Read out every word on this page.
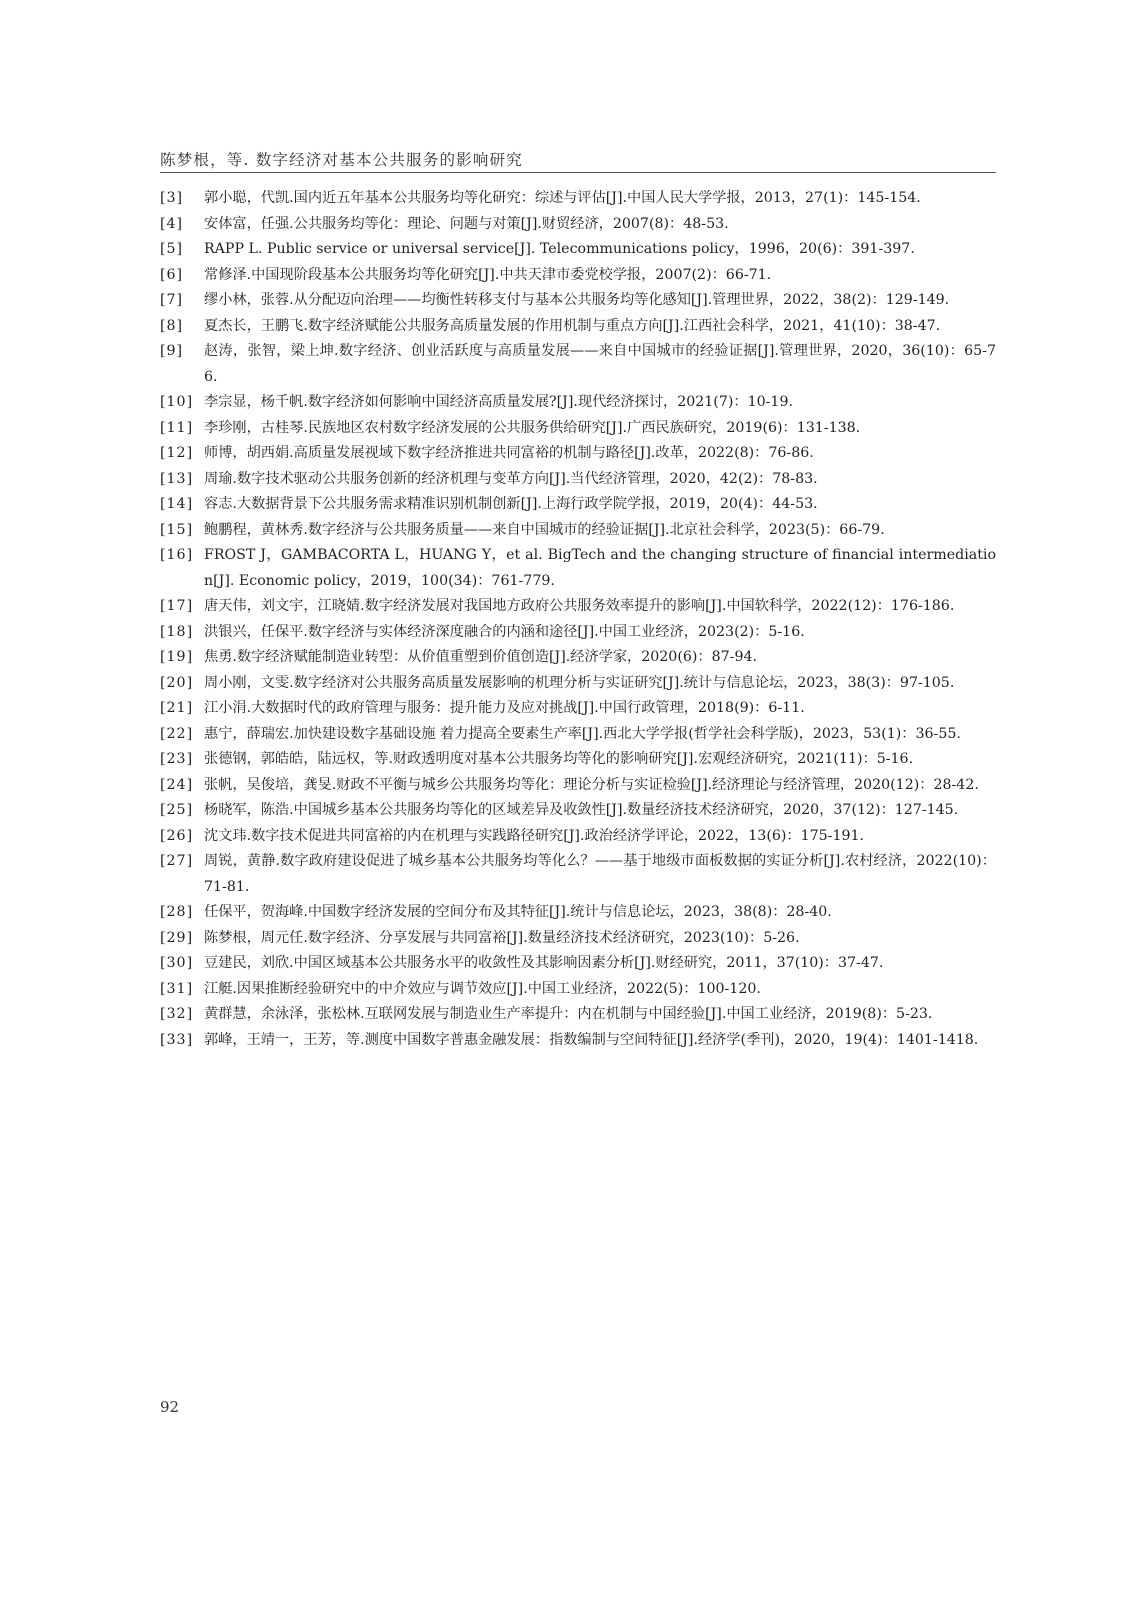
陈梦根，等. 数字经济对基本公共服务的影响研究
[3]	郭小聪，代凯.国内近五年基本公共服务均等化研究：综述与评估[J].中国人民大学学报，2013，27(1)：145-154.
[4]	安体富，任强.公共服务均等化：理论、问题与对策[J].财贸经济，2007(8)：48-53.
[5]	RAPP L. Public service or universal service[J]. Telecommunications policy，1996，20(6)：391-397.
[6]	常修泽.中国现阶段基本公共服务均等化研究[J].中共天津市委党校学报，2007(2)：66-71.
[7]	缪小林，张蓉.从分配迈向治理——均衡性转移支付与基本公共服务均等化感知[J].管理世界，2022，38(2)：129-149.
[8]	夏杰长，王鹏飞.数字经济赋能公共服务高质量发展的作用机制与重点方向[J].江西社会科学，2021，41(10)：38-47.
[9]	赵涛，张智，梁上坤.数字经济、创业活跃度与高质量发展——来自中国城市的经验证据[J].管理世界，2020，36(10)：65-76.
[10] 李宗显，杨千帆.数字经济如何影响中国经济高质量发展?[J].现代经济探讨，2021(7)：10-19.
[11] 李珍刚，古桂琴.民族地区农村数字经济发展的公共服务供给研究[J].广西民族研究，2019(6)：131-138.
[12] 师博，胡西娟.高质量发展视域下数字经济推进共同富裕的机制与路径[J].改革，2022(8)：76-86.
[13] 周瑜.数字技术驱动公共服务创新的经济机理与变革方向[J].当代经济管理，2020，42(2)：78-83.
[14] 容志.大数据背景下公共服务需求精准识别机制创新[J].上海行政学院学报，2019，20(4)：44-53.
[15] 鲍鹏程，黄林秀.数字经济与公共服务质量——来自中国城市的经验证据[J].北京社会科学，2023(5)：66-79.
[16] FROST J，GAMBACORTA L，HUANG Y，et al. BigTech and the changing structure of financial intermediation[J]. Economic policy，2019，100(34)：761-779.
[17] 唐天伟，刘文宇，江晓婧.数字经济发展对我国地方政府公共服务效率提升的影响[J].中国软科学，2022(12)：176-186.
[18] 洪银兴，任保平.数字经济与实体经济深度融合的内涵和途径[J].中国工业经济，2023(2)：5-16.
[19] 焦勇.数字经济赋能制造业转型：从价值重塑到价值创造[J].经济学家，2020(6)：87-94.
[20] 周小刚，文雯.数字经济对公共服务高质量发展影响的机理分析与实证研究[J].统计与信息论坛，2023，38(3)：97-105.
[21] 江小涓.大数据时代的政府管理与服务：提升能力及应对挑战[J].中国行政管理，2018(9)：6-11.
[22] 惠宁，薛瑞宏.加快建设数字基础设施 着力提高全要素生产率[J].西北大学学报(哲学社会科学版)，2023，53(1)：36-55.
[23] 张德钢，郭皓皓，陆远权，等.财政透明度对基本公共服务均等化的影响研究[J].宏观经济研究，2021(11)：5-16.
[24] 张帆，吴俊培，龚旻.财政不平衡与城乡公共服务均等化：理论分析与实证检验[J].经济理论与经济管理，2020(12)：28-42.
[25] 杨晓军，陈浩.中国城乡基本公共服务均等化的区域差异及收敛性[J].数量经济技术经济研究，2020，37(12)：127-145.
[26] 沈文玮.数字技术促进共同富裕的内在机理与实践路径研究[J].政治经济学评论，2022，13(6)：175-191.
[27] 周锐，黄静.数字政府建设促进了城乡基本公共服务均等化么？——基于地级市面板数据的实证分析[J].农村经济，2022(10)：71-81.
[28] 任保平，贺海峰.中国数字经济发展的空间分布及其特征[J].统计与信息论坛，2023，38(8)：28-40.
[29] 陈梦根，周元任.数字经济、分享发展与共同富裕[J].数量经济技术经济研究，2023(10)：5-26.
[30] 豆建民，刘欣.中国区域基本公共服务水平的收敛性及其影响因素分析[J].财经研究，2011，37(10)：37-47.
[31] 江艇.因果推断经验研究中的中介效应与调节效应[J].中国工业经济，2022(5)：100-120.
[32] 黄群慧，余泳泽，张松林.互联网发展与制造业生产率提升：内在机制与中国经验[J].中国工业经济，2019(8)：5-23.
[33] 郭峰，王靖一，王芳，等.测度中国数字普惠金融发展：指数编制与空间特征[J].经济学(季刊)，2020，19(4)：1401-1418.
92
